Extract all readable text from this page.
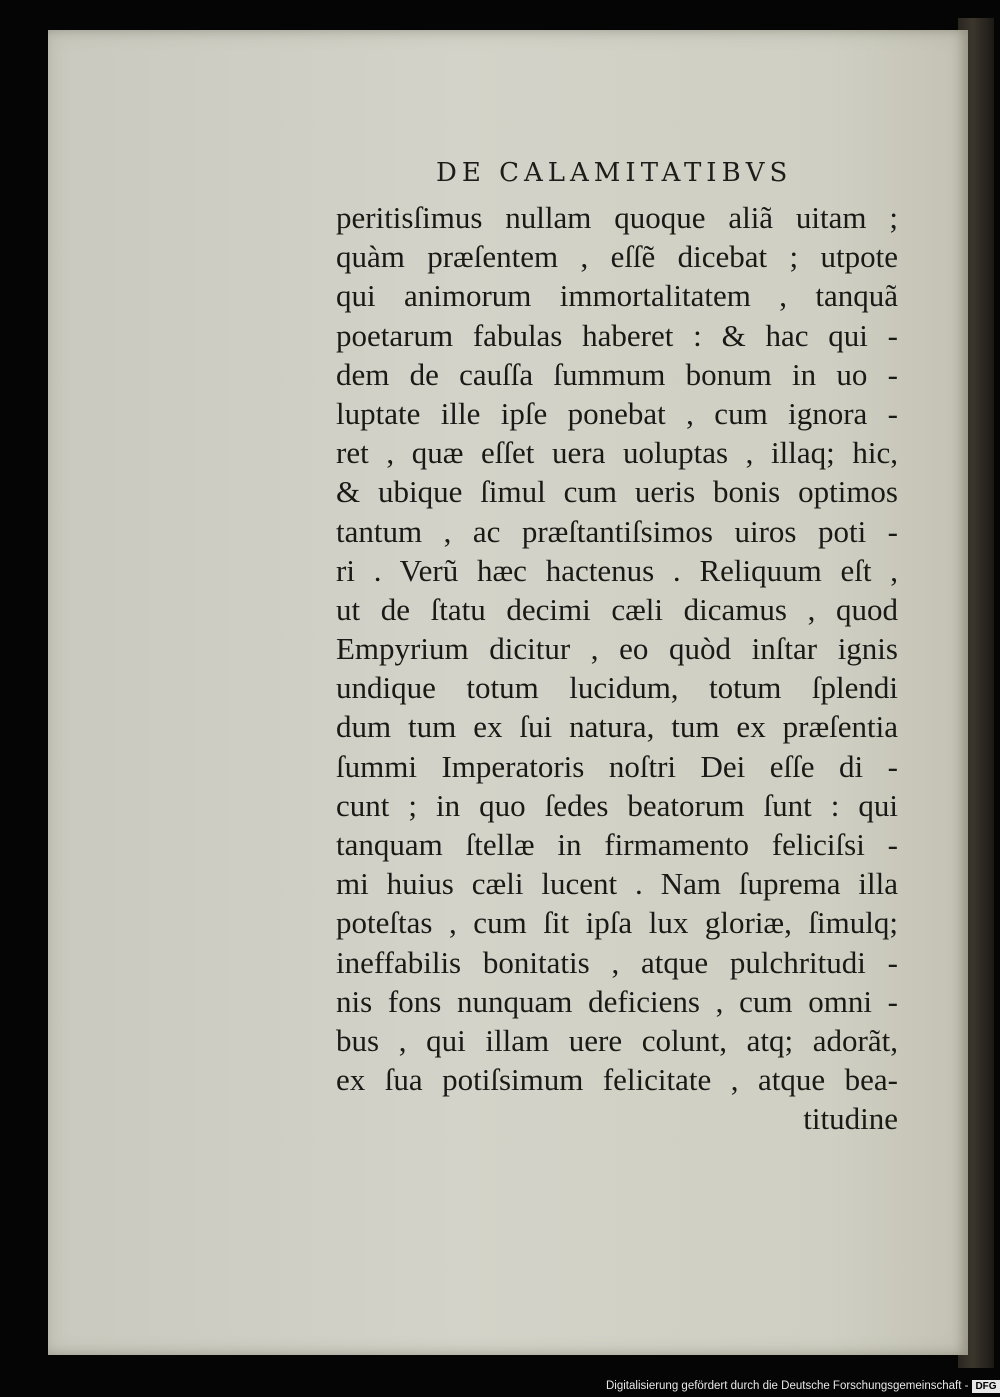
DE CALAMITATIBVS
peritisſimus nullam quoque aliã uitam ;
quàm præſentem , eſſẽ dicebat ; utpote
qui animorum immortalitatem , tanquã
poetarum fabulas haberet : & hac qui -
dem de cauſſa ſummum bonum in uo -
luptate ille ipſe ponebat , cum ignora -
ret , quæ eſſet uera uoluptas , illaq; hic,
& ubique ſimul cum ueris bonis optimos
tantum , ac præſtantiſsimos uiros poti -
ri . Verũ hæc hactenus . Reliquum eſt ,
ut de ſtatu decimi cæli dicamus , quod
Empyrium dicitur , eo quòd inſtar ignis
undique totum lucidum, totum ſplendi
dum tum ex ſui natura, tum ex præſentia
ſummi Imperatoris noſtri Dei eſſe di -
cunt ; in quo ſedes beatorum ſunt : qui
tanquam ſtellæ in firmamento feliciſsi -
mi huius cæli lucent . Nam ſuprema illa
poteſtas , cum ſit ipſa lux gloriæ, ſimulq;
ineffabilis bonitatis , atque pulchritudi -
nis fons nunquam deficiens , cum omni -
bus , qui illam uere colunt, atq; adorãt,
ex ſua potiſsimum felicitate , atque bea-
titudine
Digitalisierung gefördert durch die Deutsche Forschungsgemeinschaft - DFG
